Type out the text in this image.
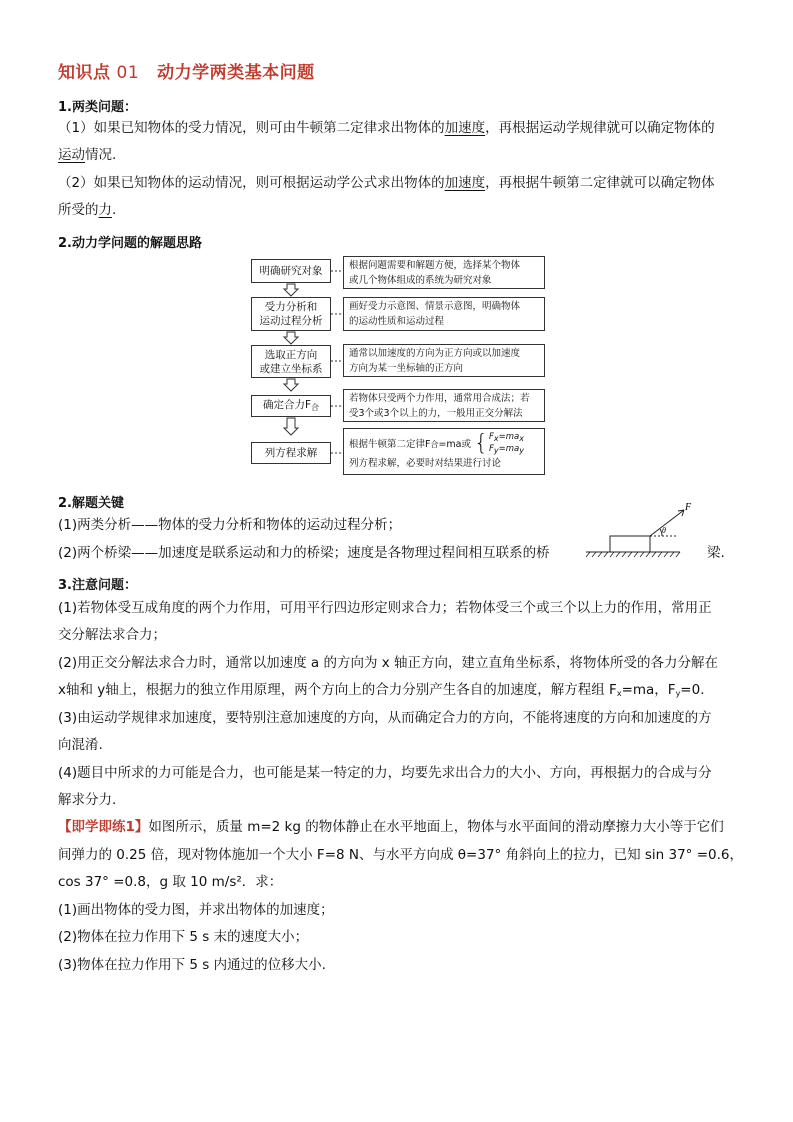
知识点 01 动力学两类基本问题
1.两类问题：
（1）如果已知物体的受力情况，则可由牛顿第二定律求出物体的加速度，再根据运动学规律就可以确定物体的
运动情况.
（2）如果已知物体的运动情况，则可根据运动学公式求出物体的加速度，再根据牛顿第二定律就可以确定物体
所受的力.
2.动力学问题的解题思路
明确研究对象	根据问题需要和解题方便，选择某个物体
或几个物体组成的系统为研究对象
受力分析和
运动过程分析
画好受力示意图、情景示意图，明确物体
的运动性质和运动过程
选取正方向
或建立坐标系
通常以加速度的方向为正方向或以加速度
方向为某一坐标轴的正方向
确定合力$F_合$
若物体只受两个力作用，通常用合成法；若
受3个或3个以上的力，一般用正交分解法
列方程求解
根据牛顿第二定律F 合 =ma或 { Fx=max
Fy=may
列方程求解，必要时对结果进行讨论
2.解题关键
(1)两类分析——物体的受力分析和物体的运动过程分析；
(2)两个桥梁——加速度是联系运动和力的桥梁；速度是各物理过程间相互联系的桥	梁.
F
θ
3.注意问题：
(1)若物体受互成角度的两个力作用，可用平行四边形定则求合力；若物体受三个或三个以上力的作用，常用正
交分解法求合力；
(2)用正交分解法求合力时，通常以加速度 a 的方向为 x 轴正方向，建立直角坐标系，将物体所受的各力分解在
x轴和 y轴上，根据力的独立作用原理，两个方向上的合力分别产生各自的加速度，解方程组 $F_x=ma$，$F_y=0$.
(3)由运动学规律求加速度，要特别注意加速度的方向，从而确定合力的方向，不能将速度的方向和加速度的方
向混淆.
(4)题目中所求的力可能是合力，也可能是某一特定的力，均要先求出合力的大小、方向，再根据力的合成与分
解求分力.
【即学即练1】如图所示，质量 m=2 kg 的物体静止在水平地面上，物体与水平面间的滑动摩擦力大小等于它们
间弹力的 0.25 倍，现对物体施加一个大小 F=8 N、与水平方向成 θ=37° 角斜向上的拉力，已知 sin 37° =0.6，
cos 37° =0.8，g 取 10 m/s²．求：
(1)画出物体的受力图，并求出物体的加速度；
(2)物体在拉力作用下 5 s 末的速度大小；
(3)物体在拉力作用下 5 s 内通过的位移大小.
